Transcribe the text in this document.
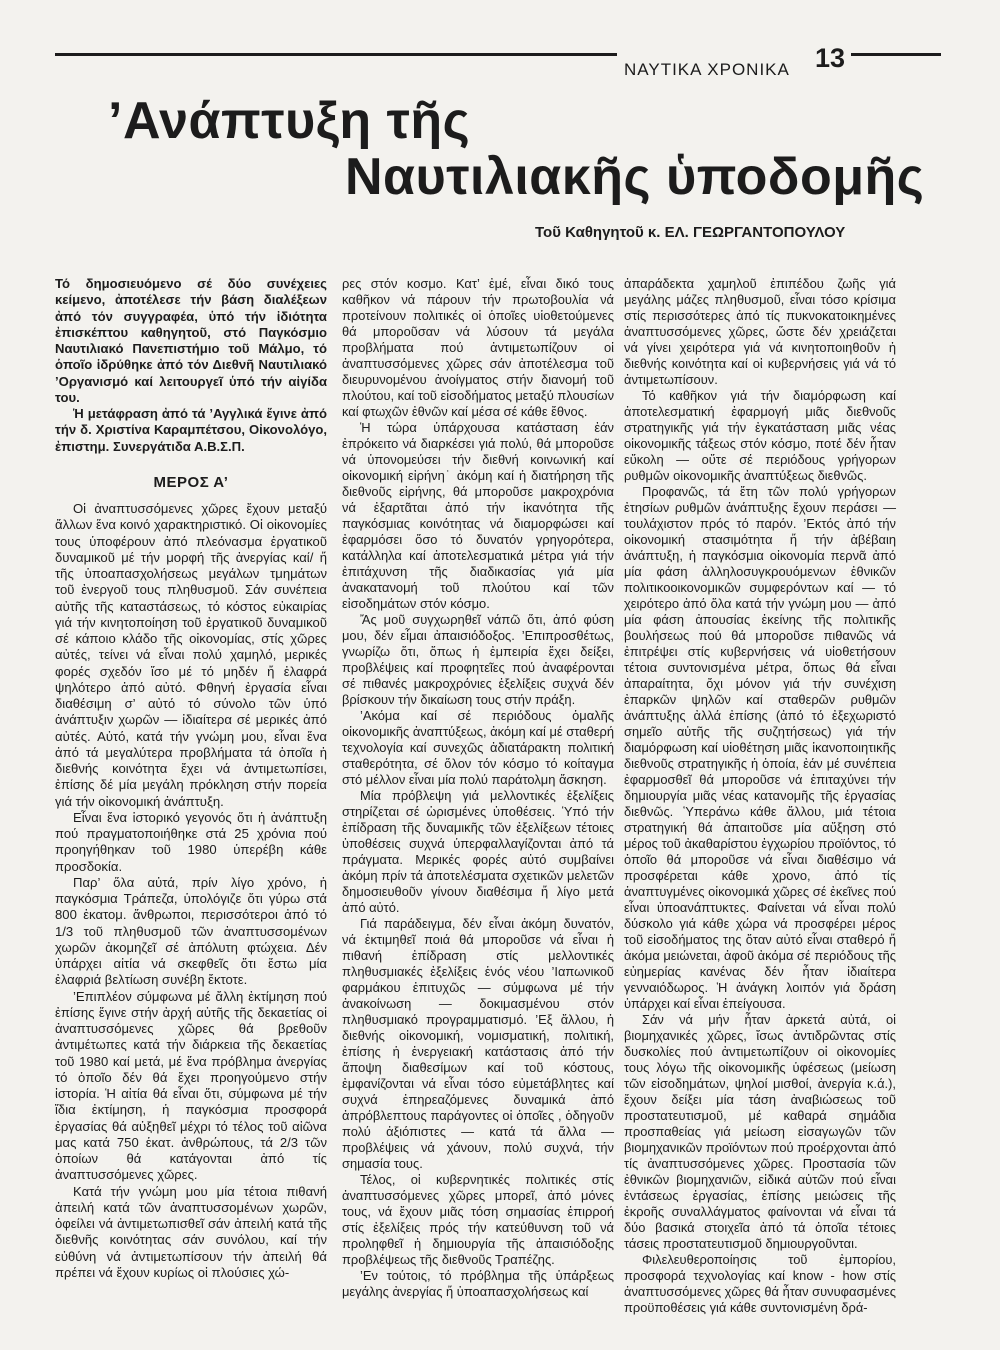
ΝΑΥΤΙΚΑ ΧΡΟΝΙΚΑ 13
’Ανάπτυξη τῆς
Ναυτιλιακῆς ὑποδομῆς
Τοῦ Καθηγητοῦ κ. ΕΛ. ΓΕΩΡΓΑΝΤΟΠΟΥΛΟΥ

Τό δημοσιευόμενο σέ δύο συνέχειες κείμενο, ἀποτέλεσε τήν βάση διαλέξεων ἀπό τόν συγγραφέα, ὑπό τήν ἰδιότητα ἐπισκέπτου καθηγητοῦ, στό Παγκόσμιο Ναυτιλιακό Πανεπιστήμιο τοῦ Μάλμο, τό ὁποῖο ἱδρύθηκε ἀπό τόν Διεθνῆ Ναυτιλιακό ’Οργανισμό καί λειτουργεῖ ὑπό τήν αἰγίδα του.

Ἡ μετάφραση ἀπό τά ’Αγγλικά ἔγινε ἀπό τήν δ. Χριστίνα Καραμπέτσου, Οἰκονολόγο, ἐπιστημ. Συνεργάτιδα Α.Β.Σ.Π.

ΜΕΡΟΣ Α’

Οἱ ἀναπτυσσόμενες χῶρες ἔχουν μεταξύ ἄλλων ἕνα κοινό χαρακτηριστικό. Οἱ οἰκονομίες τους ὑποφέρουν ἀπό πλεόνασμα ἐργατικοῦ δυναμικοῦ μέ τήν μορφή τῆς ἀνεργίας καί/ ἤ τῆς ὑποαπασχολήσεως μεγάλων τμημάτων τοῦ ἐνεργοῦ τους πληθυσμοῦ. Σάν συνέπεια αὐτῆς τῆς καταστάσεως, τό κόστος εὐκαιρίας γιά τήν κινητοποίηση τοῦ ἐργατικοῦ δυναμικοῦ σέ κάποιο κλάδο τῆς οἰκονομίας, στίς χῶρες αὐτές, τείνει νά εἶναι πολύ χαμηλό, μερικές φορές σχεδόν ἴσο μέ τό μηδέν ἤ ἐλαφρά ψηλότερο ἀπό αὐτό. Φθηνή ἐργασία εἶναι διαθέσιμη σ’ αὐτό τό σύνολο τῶν ὑπό ἀνάπτυξιν χωρῶν — ἰδιαίτερα σέ μερικές ἀπό αὐτές. Αὐτό, κατά τήν γνώμη μου, εἶναι ἕνα ἀπό τά μεγαλύτερα προβλήματα τά ὁποῖα ἡ διεθνής κοινότητα ἔχει νά ἀντιμετωπίσει, ἐπίσης δέ μία μεγάλη πρόκληση στήν πορεία γιά τήν οἰκονομική ἀνάπτυξη.

Εἶναι ἕνα ἱστορικό γεγονός ὅτι ἡ ἀνάπτυξη πού πραγματοποιήθηκε στά 25 χρόνια πού προηγήθηκαν τοῦ 1980 ὑπερέβη κάθε προσδοκία.

Παρ’ ὅλα αὐτά, πρίν λίγο χρόνο, ἡ παγκόσμια Τράπεζα, ὑπολόγιζε ὅτι γύρω στά 800 ἑκατομ. ἄνθρωποι, περισσότεροι ἀπό τό 1/3 τοῦ πληθυσμοῦ τῶν ἀναπτυσσομένων χωρῶν ἀκομηζεῖ σέ ἀπόλυτη φτώχεια. Δέν ὑπάρχει αἰτία νά σκεφθεῖς ὅτι ἔστω μία ἐλαφριά βελτίωση συνέβη ἔκτοτε.

’Επιπλέον σύμφωνα μέ ἄλλη ἐκτίμηση πού ἐπίσης ἔγινε στήν ἀρχή αὐτῆς τῆς δεκαετίας οἱ ἀναπτυσσόμενες χῶρες θά βρεθοῦν ἀντιμέτωπες κατά τήν διάρκεια τῆς δεκαετίας τοῦ 1980 καί μετά, μέ ἕνα πρόβλημα ἀνεργίας τό ὁποῖο δέν θά ἔχει προηγούμενο στήν ἱστορία. Ἡ αἰτία θά εἶναι ὅτι, σύμφωνα μέ τήν ἴδια ἐκτίμηση, ἡ παγκόσμια προσφορά ἐργασίας θά αὐξηθεῖ μέχρι τό τέλος τοῦ αἰῶνα μας κατά 750 ἑκατ. ἀνθρώπους, τά 2/3 τῶν ὁποίων θά κατάγονται ἀπό τίς ἀναπτυσσόμενες χῶρες.

Κατά τήν γνώμη μου μία τέτοια πιθανή ἀπειλή κατά τῶν ἀναπτυσσομένων χωρῶν, ὀφείλει νά ἀντιμετωπισθεῖ σάν ἀπειλή κατά τῆς διεθνῆς κοινότητας σάν συνόλου, καί τήν εὐθύνη νά ἀντιμετωπίσουν τήν ἀπειλή θά πρέπει νά ἔχουν κυρίως οἱ πλούσιες χώ-

ρες στόν κοσμο. Κατ’ ἐμέ, εἶναι δικό τους καθῆκον νά πάρουν τήν πρωτοβουλία νά προτείνουν πολιτικές οἱ ὁποῖες υἱοθετούμενες θά μποροῦσαν νά λύσουν τά μεγάλα προβλήματα πού ἀντιμετωπίζουν οἱ ἀναπτυσσόμενες χῶρες σάν ἀποτέλεσμα τοῦ διευρυνομένου ἀνοίγματος στήν διανομή τοῦ πλούτου, καί τοῦ εἰσοδήματος μεταξύ πλουσίων καί φτωχῶν ἐθνῶν καί μέσα σέ κάθε ἔθνος.

Ἡ τώρα ὑπάρχουσα κατάσταση ἐάν ἐπρόκειτο νά διαρκέσει γιά πολύ, θά μποροῦσε νά ὑπονομεύσει τήν διεθνή κοινωνική καί οἰκονομική εἰρήνη˙ ἀκόμη καί ἡ διατήρηση τῆς διεθνοῦς εἰρήνης, θά μποροῦσε μακροχρόνια νά ἐξαρτᾶται ἀπό τήν ἱκανότητα τῆς παγκόσμιας κοινότητας νά διαμορφώσει καί ἐφαρμόσει ὅσο τό δυνατόν γρηγορότερα, κατάλληλα καί ἀποτελεσματικά μέτρα γιά τήν ἐπιτάχυνση τῆς διαδικασίας γιά μία ἀνακατανομή τοῦ πλούτου καί τῶν εἰσοδημάτων στόν κόσμο.

Ἄς μοῦ συγχωρηθεῖ νάπῶ ὅτι, ἀπό φύση μου, δέν εἶμαι ἀπαισιόδοξος. ’Επιπροσθέτως, γνωρίζω ὅτι, ὅπως ἡ ἐμπειρία ἔχει δείξει, προβλέψεις καί προφητεῖες πού ἀναφέρονται σέ πιθανές μακροχρόνιες ἐξελίξεις συχνά δέν βρίσκουν τήν δικαίωση τους στήν πράξη.

’Ακόμα καί σέ περιόδους ὁμαλῆς οἰκονομικῆς ἀναπτύξεως, ἀκόμη καί μέ σταθερή τεχνολογία καί συνεχῶς ἀδιατάρακτη πολιτική σταθερότητα, σέ ὅλον τόν κόσμο τό κοίταγμα στό μέλλον εἶναι μία πολύ παράτολμη ἄσκηση.

Μία πρόβλεψη γιά μελλοντικές ἐξελίξεις στηρίζεται σέ ὡρισμένες ὑποθέσεις. Ὑπό τήν ἐπίδραση τῆς δυναμικῆς τῶν ἐξελίξεων τέτοιες ὑποθέσεις συχνά ὑπερφαλλαγίζονται ἀπό τά πράγματα. Μερικές φορές αὐτό συμβαίνει ἀκόμη πρίν τά ἀποτελέσματα σχετικῶν μελετῶν δημοσιευθοῦν γίνουν διαθέσιμα ἤ λίγο μετά ἀπό αὐτό.

Γιά παράδειγμα, δέν εἶναι ἀκόμη δυνατόν, νά ἐκτιμηθεῖ ποιά θά μποροῦσε νά εἶναι ἡ πιθανή ἐπίδραση στίς μελλοντικές πληθυσμιακές ἐξελίξεις ἑνός νέου ’Ιαπωνικοῦ φαρμάκου ἐπιτυχῶς — σύμφωνα μέ τήν ἀνακοίνωση — δοκιμασμένου στόν πληθυσμιακό προγραμματισμό. ’Εξ ἄλλου, ἡ διεθνής οἰκονομική, νομισματική, πολιτική, ἐπίσης ἡ ἐνεργειακή κατάστασις ἀπό τήν ἄποψη διαθεσίμων καί τοῦ κόστους, ἐμφανίζονται νά εἶναι τόσο εὐμετάβλητες καί συχνά ἐπηρεαζόμενες δυναμικά ἀπό ἀπρόβλεπτους παράγοντες οἱ ὁποῖες , ὁδηγοῦν πολύ ἀξιόπιστες — κατά τά ἄλλα — προβλέψεις νά χάνουν, πολύ συχνά, τήν σημασία τους.

Τέλος, οἱ κυβερνητικές πολιτικές στίς ἀναπτυσσόμενες χῶρες μπορεῖ, ἀπό μόνες τους, νά ἔχουν μιᾶς τόση σημασίας ἐπιρροή στίς ἐξελίξεις πρός τήν κατεύθυνση τοῦ νά προληφθεῖ ἡ δημιουργία τῆς ἀπαισιόδοξης προβλέψεως τῆς διεθνοῦς Τραπέζης.

’Εν τούτοις, τό πρόβλημα τῆς ὑπάρξεως μεγάλης ἀνεργίας ἤ ὑποαπασχολήσεως καί

ἀπαράδεκτα χαμηλοῦ ἐπιπέδου ζωῆς γιά μεγάλης μάζες πληθυσμοῦ, εἶναι τόσο κρίσιμα στίς περισσότερες ἀπό τίς πυκνοκατοικημένες ἀναπτυσσόμενες χῶρες, ὥστε δέν χρειάζεται νά γίνει χειρότερα γιά νά κινητοποιηθοῦν ἡ διεθνής κοινότητα καί οἱ κυβερνήσεις γιά νά τό ἀντιμετωπίσουν.

Τό καθῆκον γιά τήν διαμόρφωση καί ἀποτελεσματική ἐφαρμογή μιᾶς διεθνοῦς στρατηγικῆς γιά τήν ἐγκατάσταση μιᾶς νέας οἰκονομικῆς τάξεως στόν κόσμο, ποτέ δέν ἦταν εὔκολη — οὔτε σέ περιόδους γρήγορων ρυθμῶν οἰκονομικῆς ἀναπτύξεως διεθνῶς.

Προφανῶς, τά ἔτη τῶν πολύ γρήγορων ἐτησίων ρυθμῶν ἀνάπτυξης ἔχουν περάσει — τουλάχιστον πρός τό παρόν. ’Εκτός ἀπό τήν οἰκονομική στασιμότητα ἤ τήν ἀβέβαιη ἀνάπτυξη, ἡ παγκόσμια οἰκονομία περνᾶ ἀπό μία φάση ἀλληλοσυγκρουόμενων ἐθνικῶν πολιτικοοικονομικῶν συμφερόντων καί — τό χειρότερο ἀπό ὅλα κατά τήν γνώμη μου — ἀπό μία φάση ἀπουσίας ἐκείνης τῆς πολιτικῆς βουλήσεως πού θά μποροῦσε πιθανῶς νά ἐπιτρέψει στίς κυβερνήσεις νά υἱοθετήσουν τέτοια συντονισμένα μέτρα, ὅπως θά εἶναι ἀπαραίτητα, ὄχι μόνον γιά τήν συνέχιση ἐπαρκῶν ψηλῶν καί σταθερῶν ρυθμῶν ἀνάπτυξης ἀλλά ἐπίσης (ἀπό τό ἐξεχωριστό σημεῖο αὐτῆς τῆς συζητήσεως) γιά τήν διαμόρφωση καί υἱοθέτηση μιᾶς ἱκανοποιητικῆς διεθνοῦς στρατηγικῆς ἡ ὁποία, ἐάν μέ συνέπεια ἐφαρμοσθεῖ θά μποροῦσε νά ἐπιταχύνει τήν δημιουργία μιᾶς νέας κατανομῆς τῆς ἐργασίας διεθνῶς. Ὑπεράνω κάθε ἄλλου, μιά τέτοια στρατηγική θά ἀπαιτοῦσε μία αὔξηση στό μέρος τοῦ ἀκαθαρίστου ἐγχωρίου προϊόντος, τό ὁποῖο θά μποροῦσε νά εἶναι διαθέσιμο νά προσφέρεται κάθε χρονο, ἀπό τίς ἀναπτυγμένες οἰκονομικά χῶρες σέ ἐκεῖνες πού εἶναι ὑποανάπτυκτες. Φαίνεται νά εἶναι πολύ δύσκολο γιά κάθε χώρα νά προσφέρει μέρος τοῦ εἰσοδήματος της ὅταν αὐτό εἶναι σταθερό ἤ ἀκόμα μειώνεται, ἀφοῦ ἀκόμα σέ περιόδους τῆς εὐημερίας κανένας δέν ἦταν ἰδιαίτερα γενναιόδωρος. Ἡ ἀνάγκη λοιπόν γιά δράση ὑπάρχει καί εἶναι ἐπείγουσα.

Σάν νά μήν ἦταν ἀρκετά αὐτά, οἱ βιομηχανικές χῶρες, ἴσως ἀντιδρῶντας στίς δυσκολίες πού ἀντιμετωπίζουν οἱ οἰκονομίες τους λόγω τῆς οἰκονομικῆς ὑφέσεως (μείωση τῶν εἰσοδημάτων, ψηλοί μισθοί, ἀνεργία κ.ά.), ἔχουν δείξει μία τάση ἀναβιώσεως τοῦ προστατευτισμοῦ, μέ καθαρά σημάδια προσπαθείας γιά μείωση εἰσαγωγῶν τῶν βιομηχανικῶν προϊόντων πού προέρχονται ἀπό τίς ἀναπτυσσόμενες χῶρες. Προστασία τῶν ἐθνικῶν βιομηχανιῶν, εἰδικά αὐτῶν πού εἶναι ἐντάσεως ἐργασίας, ἐπίσης μειώσεις τῆς ἐκροῆς συναλλάγματος φαίνονται νά εἶναι τά δύο βασικά στοιχεῖα ἀπό τά ὁποῖα τέτοιες τάσεις προστατευτισμοῦ δημιουργοῦνται.

Φιλελευθεροποίησις τοῦ ἐμπορίου, προσφορά τεχνολογίας καί know - how στίς ἀναπτυσσόμενες χῶρες θά ἦταν συνυφασμένες προϋποθέσεις γιά κάθε συντονισμένη δρά-
